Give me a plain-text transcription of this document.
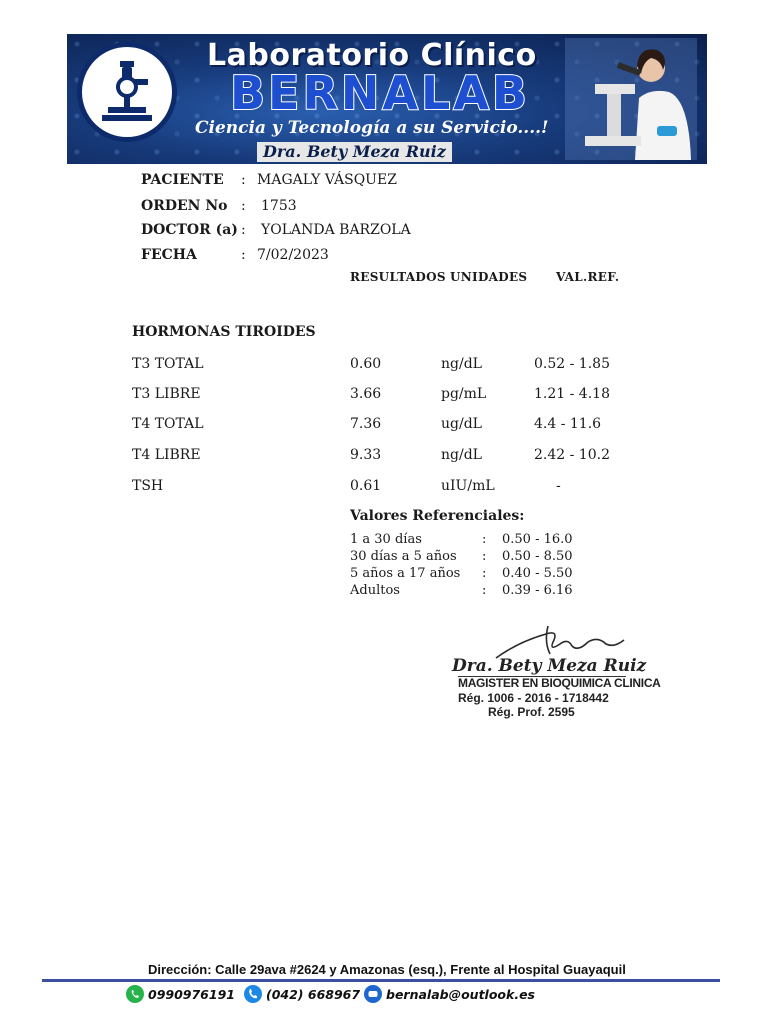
Laboratorio Clínico
BERNALAB
Ciencia y Tecnología a su Servicio....!
Dra. Bety Meza Ruiz
PACIENTE : MAGALY VÁSQUEZ
ORDEN No : 1753
DOCTOR (a) : YOLANDA BARZOLA
FECHA	: 7/02/2023
RESULTADOS UNIDADES VAL.REF.
HORMONAS TIROIDES
T3 TOTAL	0.60	ng/dL	0.52 - 1.85
T3 LIBRE	3.66	pg/mL	1.21 - 4.18
T4 TOTAL	7.36	ug/dL	4.4 - 11.6
T4 LIBRE	9.33	ng/dL	2.42 - 10.2
TSH	0.61	uIU/mL	-
Valores Referenciales:
1 a 30 días	: 0.50 - 16.0
30 días a 5 años : 0.50 - 8.50
5 años a 17 años : 0.40 - 5.50
Adultos	: 0.39 - 6.16
Dra. Bety Meza Ruiz
MAGISTER EN BIOQUIMICA CLINICA
Rég. 1006 - 2016 - 1718442
Rég. Prof. 2595
Dirección: Calle 29ava #2624 y Amazonas (esq.), Frente al Hospital Guayaquil
0990976191 (042) 668967 bernalab@outlook.es
